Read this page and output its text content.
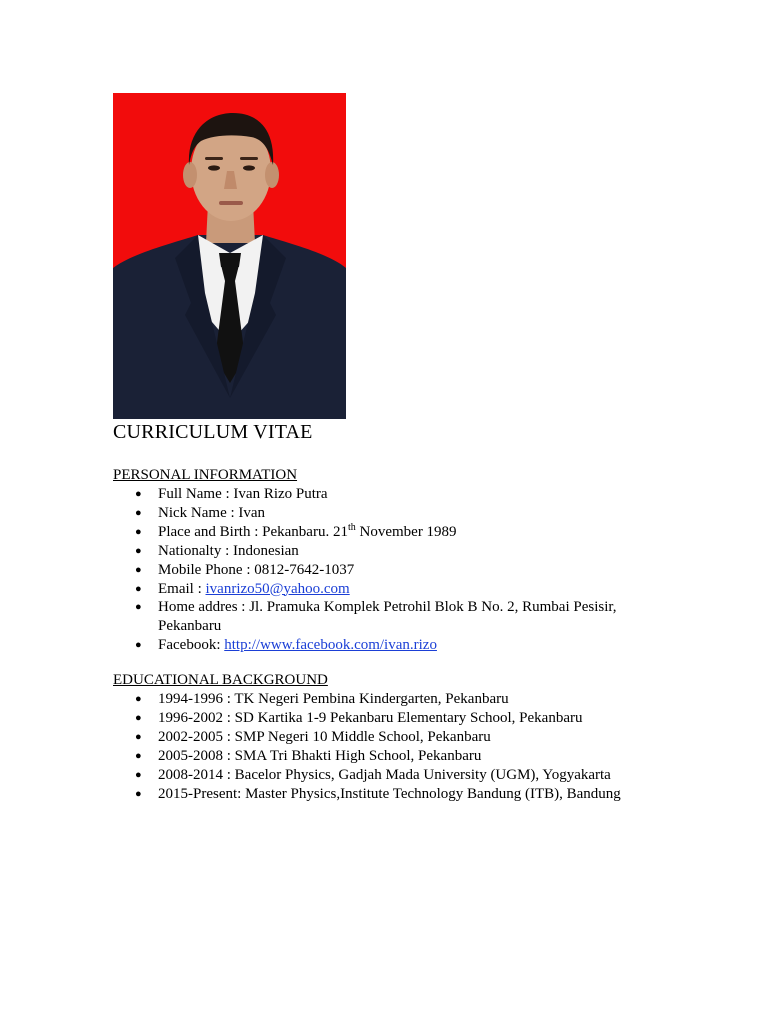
CURRICULUM VITAE
PERSONAL INFORMATION
● Full Name : Ivan Rizo Putra
● Nick Name : Ivan
● Place and Birth : Pekanbaru. 21th November 1989
● Nationalty : Indonesian
● Mobile Phone : 0812-7642-1037
● Email : ivanrizo50@yahoo.com
● Home addres : Jl. Pramuka Komplek Petrohil Blok B No. 2, Rumbai Pesisir,
Pekanbaru
● Facebook: http://www.facebook.com/ivan.rizo
EDUCATIONAL BACKGROUND
● 1994-1996 : TK Negeri Pembina Kindergarten, Pekanbaru
● 1996-2002 : SD Kartika 1-9 Pekanbaru Elementary School, Pekanbaru
● 2002-2005 : SMP Negeri 10 Middle School, Pekanbaru
● 2005-2008 : SMA Tri Bhakti High School, Pekanbaru
● 2008-2014 : Bacelor Physics, Gadjah Mada University (UGM), Yogyakarta
● 2015-Present: Master Physics,Institute Technology Bandung (ITB), Bandung
